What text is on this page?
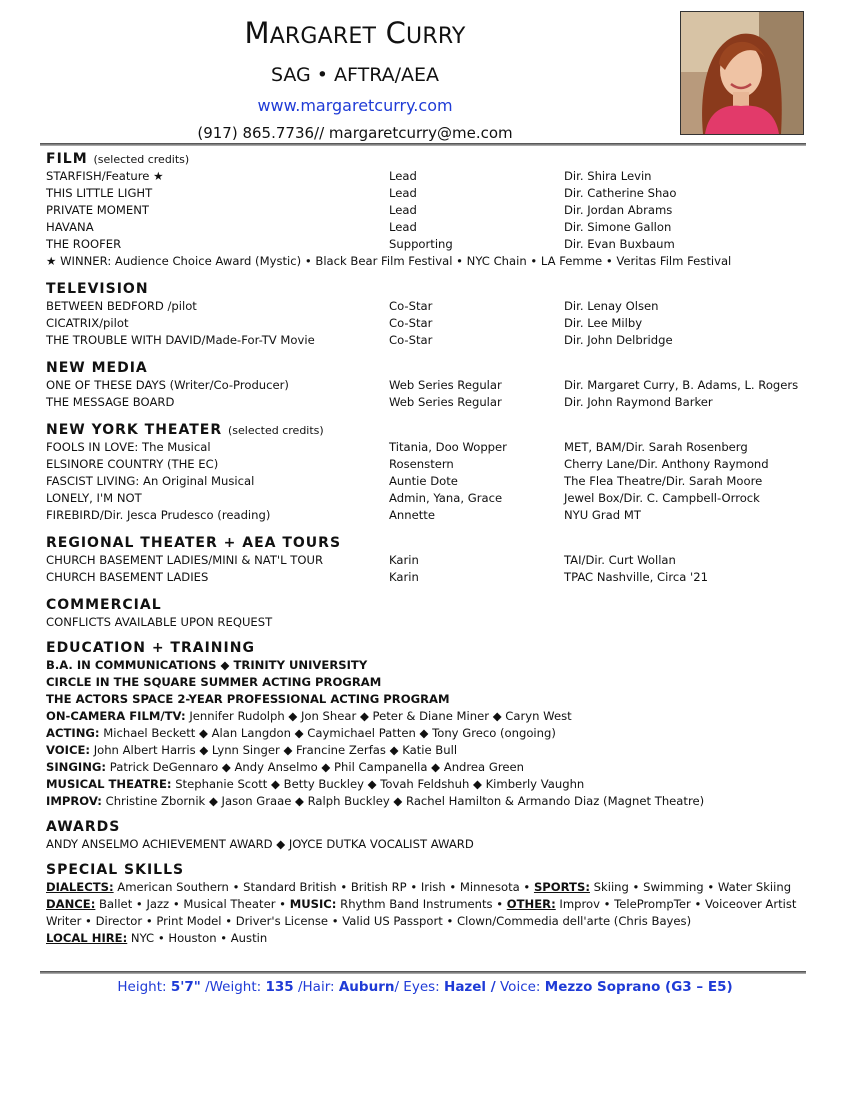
MARGARET CURRY
SAG • AFTRA/AEA
www.margaretcurry.com
(917) 865.7736// margaretcurry@me.com
FILM (selected credits)
STARFISH/Feature ★	Lead	Dir. Shira Levin
THIS LITTLE LIGHT	Lead	Dir. Catherine Shao
PRIVATE MOMENT	Lead	Dir. Jordan Abrams
HAVANA	Lead	Dir. Simone Gallon
THE ROOFER	Supporting	Dir. Evan Buxbaum
★ WINNER: Audience Choice Award (Mystic) • Black Bear Film Festival • NYC Chain • LA Femme • Veritas Film Festival
TELEVISION
BETWEEN BEDFORD /pilot	Co-Star	Dir. Lenay Olsen
CICATRIX/pilot	Co-Star	Dir. Lee Milby
THE TROUBLE WITH DAVID/Made-For-TV Movie	Co-Star	Dir. John Delbridge
NEW MEDIA
ONE OF THESE DAYS (Writer/Co-Producer)	Web Series Regular	Dir. Margaret Curry, B. Adams, L. Rogers
THE MESSAGE BOARD	Web Series Regular	Dir. John Raymond Barker
NEW YORK THEATER (selected credits)
FOOLS IN LOVE: The Musical	Titania, Doo Wopper	MET, BAM/Dir. Sarah Rosenberg
ELSINORE COUNTRY (THE EC)	Rosenstern	Cherry Lane/Dir. Anthony Raymond
FASCIST LIVING: An Original Musical	Auntie Dote	The Flea Theatre/Dir. Sarah Moore
LONELY, I'M NOT	Admin, Yana, Grace	Jewel Box/Dir. C. Campbell-Orrock
FIREBIRD/Dir. Jesca Prudesco (reading)	Annette	NYU Grad MT
REGIONAL THEATER + AEA TOURS
CHURCH BASEMENT LADIES/MINI & NAT'L TOUR	Karin	TAI/Dir. Curt Wollan
CHURCH BASEMENT LADIES	Karin	TPAC Nashville, Circa '21
COMMERCIAL
CONFLICTS AVAILABLE UPON REQUEST
EDUCATION + TRAINING
B.A. IN COMMUNICATIONS ◆ TRINITY UNIVERSITY
CIRCLE IN THE SQUARE SUMMER ACTING PROGRAM
THE ACTORS SPACE 2-YEAR PROFESSIONAL ACTING PROGRAM
ON-CAMERA FILM/TV: Jennifer Rudolph ◆ Jon Shear ◆ Peter & Diane Miner ◆ Caryn West
ACTING: Michael Beckett ◆ Alan Langdon ◆ Caymichael Patten ◆ Tony Greco (ongoing)
VOICE: John Albert Harris ◆ Lynn Singer ◆ Francine Zerfas ◆ Katie Bull
SINGING: Patrick DeGennaro ◆ Andy Anselmo ◆ Phil Campanella ◆ Andrea Green
MUSICAL THEATRE: Stephanie Scott ◆ Betty Buckley ◆ Tovah Feldshuh ◆ Kimberly Vaughn
IMPROV: Christine Zbornik ◆ Jason Graae ◆ Ralph Buckley ◆ Rachel Hamilton & Armando Diaz (Magnet Theatre)
AWARDS
ANDY ANSELMO ACHIEVEMENT AWARD ◆ JOYCE DUTKA VOCALIST AWARD
SPECIAL SKILLS
DIALECTS: American Southern • Standard British • British RP • Irish • Minnesota • SPORTS: Skiing • Swimming • Water Skiing
DANCE: Ballet • Jazz • Musical Theater • MUSIC: Rhythm Band Instruments • OTHER: Improv • TelePrompTer • Voiceover Artist
Writer • Director • Print Model • Driver's License • Valid US Passport • Clown/Commedia dell'arte (Chris Bayes)
LOCAL HIRE: NYC • Houston • Austin
Height: 5'7" /Weight: 135 /Hair: Auburn/ Eyes: Hazel / Voice: Mezzo Soprano (G3 – E5)
